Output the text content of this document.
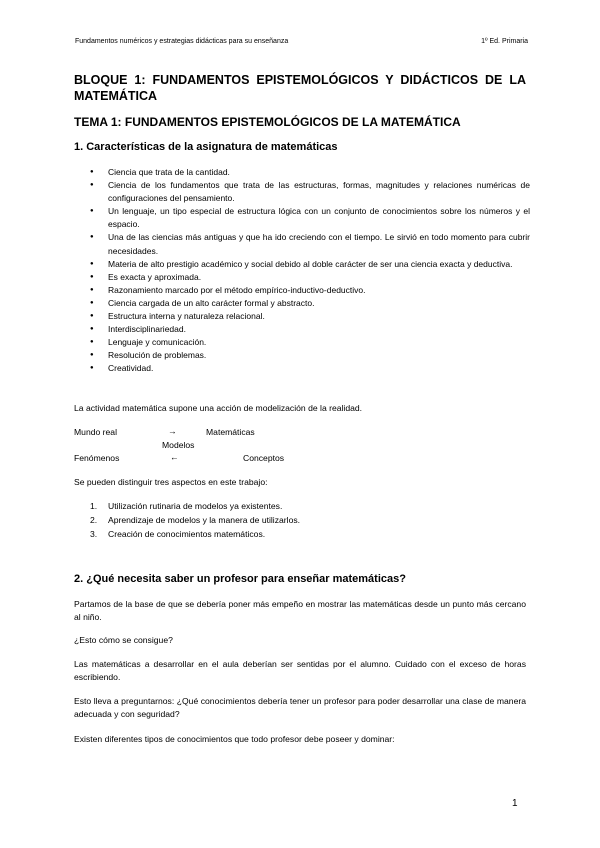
Fundamentos numéricos y estrategias didácticas para su enseñanza	1º Ed. Primaria
BLOQUE 1: FUNDAMENTOS EPISTEMOLÓGICOS Y DIDÁCTICOS DE LA MATEMÁTICA
TEMA 1: FUNDAMENTOS EPISTEMOLÓGICOS DE LA MATEMÁTICA
1. Características de la asignatura de matemáticas
● Ciencia que trata de la cantidad.
● Ciencia de los fundamentos que trata de las estructuras, formas, magnitudes y relaciones numéricas de configuraciones del pensamiento.
● Un lenguaje, un tipo especial de estructura lógica con un conjunto de conocimientos sobre los números y el espacio.
● Una de las ciencias más antiguas y que ha ido creciendo con el tiempo. Le sirvió en todo momento para cubrir necesidades.
● Materia de alto prestigio académico y social debido al doble carácter de ser una ciencia exacta y deductiva.
● Es exacta y aproximada.
● Razonamiento marcado por el método empírico-inductivo-deductivo.
● Ciencia cargada de un alto carácter formal y abstracto.
● Estructura interna y naturaleza relacional.
● Interdisciplinariedad.
● Lenguaje y comunicación.
● Resolución de problemas.
● Creatividad.
La actividad matemática supone una acción de modelización de la realidad.
Mundo real	→	Matemáticas
Modelos
Fenómenos	←	Conceptos
Se pueden distinguir tres aspectos en este trabajo:
1. Utilización rutinaria de modelos ya existentes.
2. Aprendizaje de modelos y la manera de utilizarlos.
3. Creación de conocimientos matemáticos.
2. ¿Qué necesita saber un profesor para enseñar matemáticas?
Partamos de la base de que se debería poner más empeño en mostrar las matemáticas desde un punto más cercano al niño.
¿Esto cómo se consigue?
Las matemáticas a desarrollar en el aula deberían ser sentidas por el alumno. Cuidado con el exceso de horas escribiendo.
Esto lleva a preguntarnos: ¿Qué conocimientos debería tener un profesor para poder desarrollar una clase de manera adecuada y con seguridad?
Existen diferentes tipos de conocimientos que todo profesor debe poseer y dominar:
1
